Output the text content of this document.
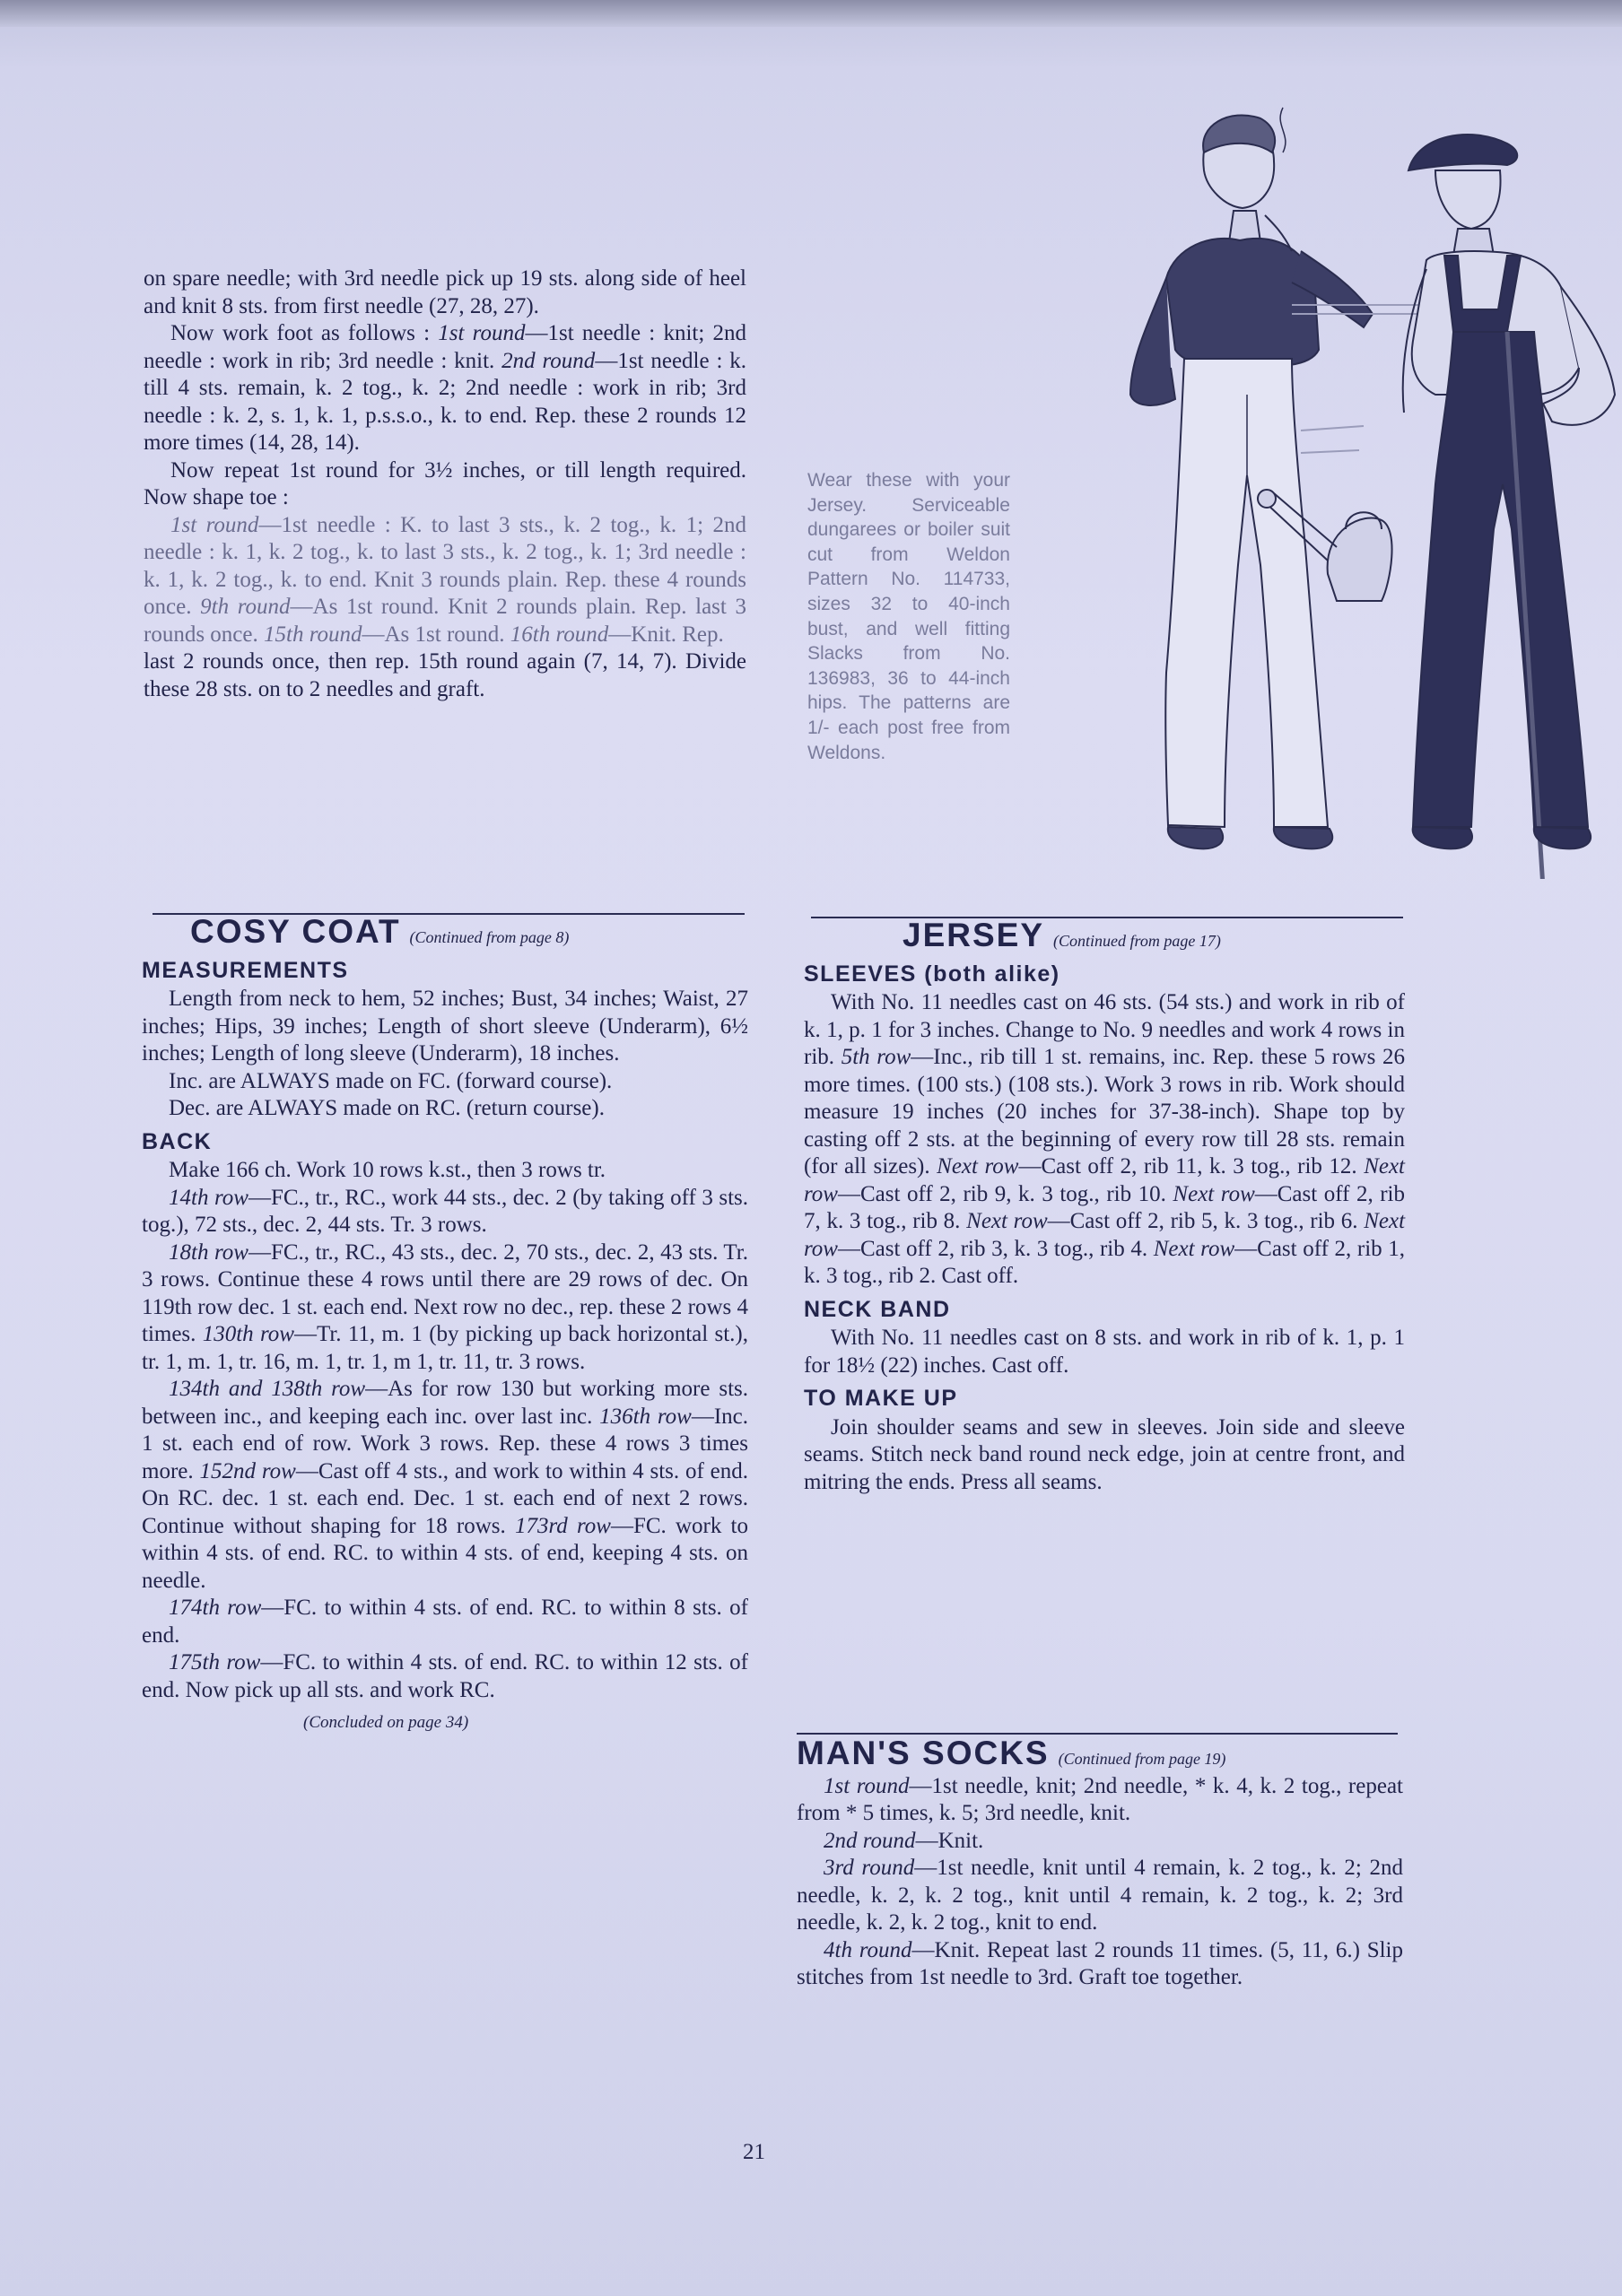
on spare needle; with 3rd needle pick up 19 sts. along side of heel and knit 8 sts. from first needle (27, 28, 27).

Now work foot as follows : 1st round—1st needle : knit; 2nd needle : work in rib; 3rd needle : knit. 2nd round—1st needle : k. till 4 sts. remain, k. 2 tog., k. 2; 2nd needle : work in rib; 3rd needle : k. 2, s. 1, k. 1, p.s.s.o., k. to end. Rep. these 2 rounds 12 more times (14, 28, 14).

Now repeat 1st round for 3½ inches, or till length required. Now shape toe :

1st round—1st needle : K. to last 3 sts., k. 2 tog., k. 1; 2nd needle : k. 1, k. 2 tog., k. to last 3 sts., k. 2 tog., k. 1; 3rd needle : k. 1, k. 2 tog., k. to end. Knit 3 rounds plain. Rep. these 4 rounds once. 9th round—As 1st round. Knit 2 rounds plain. Rep. last 3 rounds once. 15th round—As 1st round. 16th round—Knit. Rep.

last 2 rounds once, then rep. 15th round again (7, 14, 7). Divide these 28 sts. on to 2 needles and graft.

Wear these with your Jersey. Serviceable dungarees or boiler suit cut from Weldon Pattern No. 114733, sizes 32 to 40-inch bust, and well fitting Slacks from No. 136983, 36 to 44-inch hips. The patterns are 1/- each post free from Weldons.
COSY COAT (Continued from page 8)
MEASUREMENTS

Length from neck to hem, 52 inches; Bust, 34 inches; Waist, 27 inches; Hips, 39 inches; Length of short sleeve (Underarm), 6½ inches; Length of long sleeve (Underarm), 18 inches.

Inc. are ALWAYS made on FC. (forward course).

Dec. are ALWAYS made on RC. (return course).

BACK

Make 166 ch. Work 10 rows k.st., then 3 rows tr.

14th row—FC., tr., RC., work 44 sts., dec. 2 (by taking off 3 sts. tog.), 72 sts., dec. 2, 44 sts. Tr. 3 rows.

18th row—FC., tr., RC., 43 sts., dec. 2, 70 sts., dec. 2, 43 sts. Tr. 3 rows. Continue these 4 rows until there are 29 rows of dec. On 119th row dec. 1 st. each end. Next row no dec., rep. these 2 rows 4 times. 130th row—Tr. 11, m. 1 (by picking up back horizontal st.), tr. 1, m. 1, tr. 16, m. 1, tr. 1, m 1, tr. 11, tr. 3 rows.

134th and 138th row—As for row 130 but working more sts. between inc., and keeping each inc. over last inc. 136th row—Inc. 1 st. each end of row. Work 3 rows. Rep. these 4 rows 3 times more. 152nd row—Cast off 4 sts., and work to within 4 sts. of end. On RC. dec. 1 st. each end. Dec. 1 st. each end of next 2 rows. Continue without shaping for 18 rows. 173rd row—FC. work to within 4 sts. of end. RC. to within 4 sts. of end, keeping 4 sts. on needle.

174th row—FC. to within 4 sts. of end. RC. to within 8 sts. of end.

175th row—FC. to within 4 sts. of end. RC. to within 12 sts. of end. Now pick up all sts. and work RC.

(Concluded on page 34)
JERSEY (Continued from page 17)
SLEEVES (both alike)

With No. 11 needles cast on 46 sts. (54 sts.) and work in rib of k. 1, p. 1 for 3 inches. Change to No. 9 needles and work 4 rows in rib. 5th row—Inc., rib till 1 st. remains, inc. Rep. these 5 rows 26 more times. (100 sts.) (108 sts.). Work 3 rows in rib. Work should measure 19 inches (20 inches for 37-38-inch). Shape top by casting off 2 sts. at the beginning of every row till 28 sts. remain (for all sizes). Next row—Cast off 2, rib 11, k. 3 tog., rib 12. Next row—Cast off 2, rib 9, k. 3 tog., rib 10. Next row—Cast off 2, rib 7, k. 3 tog., rib 8. Next row—Cast off 2, rib 5, k. 3 tog., rib 6. Next row—Cast off 2, rib 3, k. 3 tog., rib 4. Next row—Cast off 2, rib 1, k. 3 tog., rib 2. Cast off.

NECK BAND

With No. 11 needles cast on 8 sts. and work in rib of k. 1, p. 1 for 18½ (22) inches. Cast off.

TO MAKE UP

Join shoulder seams and sew in sleeves. Join side and sleeve seams. Stitch neck band round neck edge, join at centre front, and mitring the ends. Press all seams.

MAN'S SOCKS (Continued from page 19)

1st round—1st needle, knit; 2nd needle, * k. 4, k. 2 tog., repeat from * 5 times, k. 5; 3rd needle, knit.

2nd round—Knit.

3rd round—1st needle, knit until 4 remain, k. 2 tog., k. 2; 2nd needle, k. 2, k. 2 tog., knit until 4 remain, k. 2 tog., k. 2; 3rd needle, k. 2, k. 2 tog., knit to end.

4th round—Knit. Repeat last 2 rounds 11 times. (5, 11, 6.) Slip stitches from 1st needle to 3rd. Graft toe together.

21
